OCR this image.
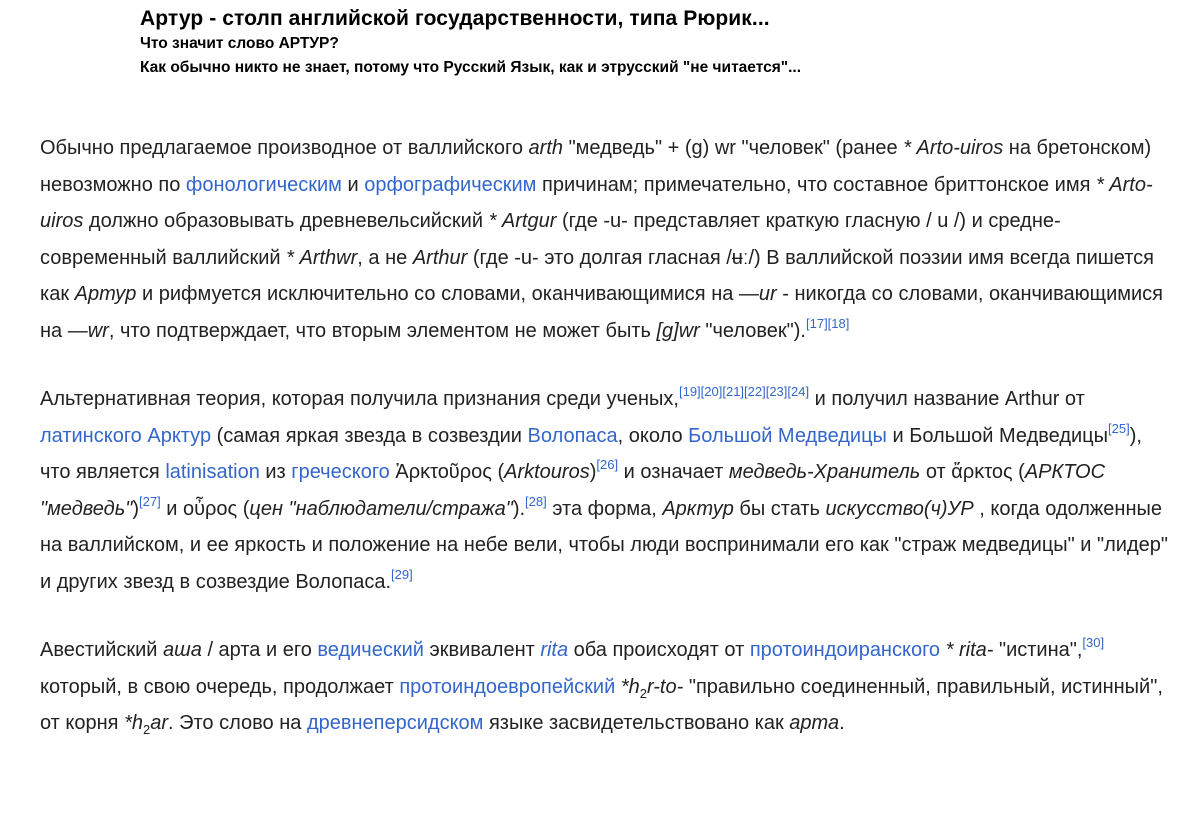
Артур - столп английской государственности, типа Рюрик...
Что значит слово АРТУР?
Как обычно никто не знает, потому что Русский Язык, как и этрусский "не читается"...

Обычно предлагаемое производное от валлийского arth "медведь" + (g) wr "человек" (ранее * Arto-uiros на бретонском) невозможно по фонологическим и орфографическим причинам; примечательно, что составное бриттонское имя * Arto-uiros должно образовывать древневельсийский * Artgur (где -u- представляет краткую гласную / u /) и средне-современный валлийский * Arthwr, а не Arthur (где -u- это долгая гласная /ʉː/) В валлийской поэзии имя всегда пишется как Артур и рифмуется исключительно со словами, оканчивающимися на —ur - никогда со словами, оканчивающимися на —wr, что подтверждает, что вторым элементом не может быть [g]wr "человек").[17][18]

Альтернативная теория, которая получила признания среди ученых,[19][20][21][22][23][24] и получил название Arthur от латинского Арктур (самая яркая звезда в созвездии Волопаса, около Большой Медведицы и Большой Медведицы[25]), что является latinisation из греческого Ἀρκτοῦρος (Arktouros)[26] и означает медведь-Хранитель от ἄρκτος (АРКТОС "медведь")[27] и οὖρος (цен "наблюдатели/стража").[28] эта форма, Арктур бы стать искусство(ч)УР , когда одолженные на валлийском, и ее яркость и положение на небе вели, чтобы люди воспринимали его как "страж медведицы" и "лидер" и других звезд в созвездие Волопаса.[29]

Авестийский аша / арта и его ведический эквивалент rita оба происходят от протоиндоиранского * rita- "истина",[30] который, в свою очередь, продолжает протоиндоевропейский $*h_2r-to-$ "правильно соединенный, правильный, истинный", от корня $*h_2ar$. Это слово на древнеперсидском языке засвидетельствовано как арта.
